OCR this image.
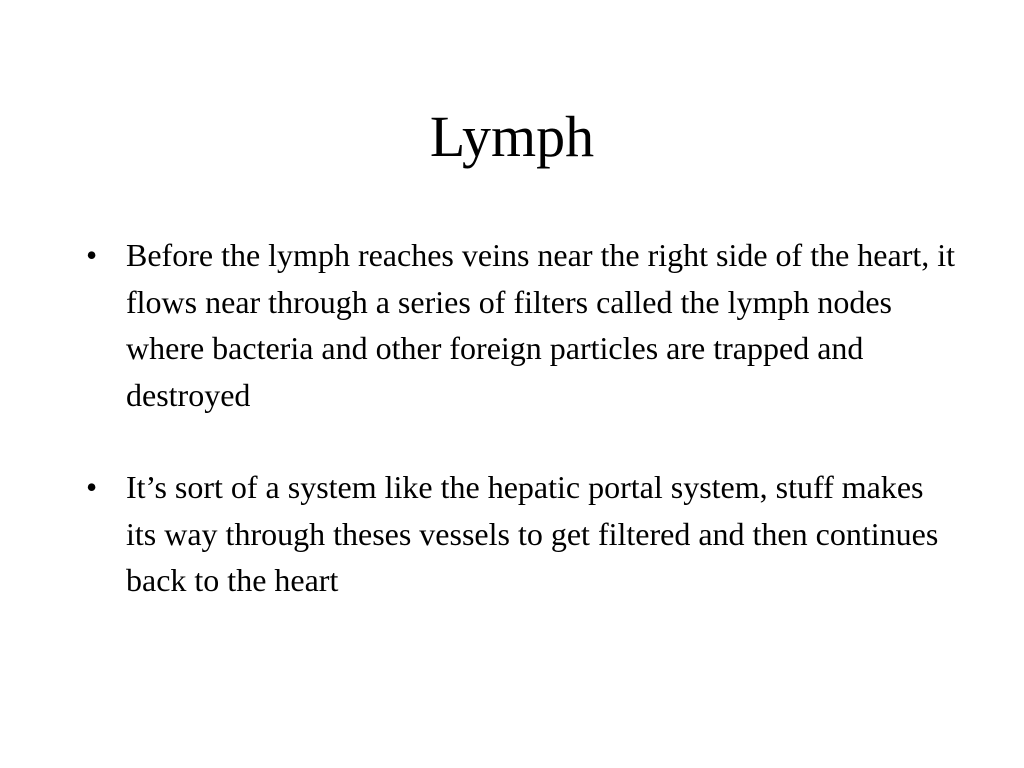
Lymph
• Before the lymph reaches veins near the right side of the heart, it flows near through a series of filters called the lymph nodes where bacteria and other foreign particles are trapped and destroyed
• It’s sort of a system like the hepatic portal system, stuff makes its way through theses vessels to get filtered and then continues back to the heart
